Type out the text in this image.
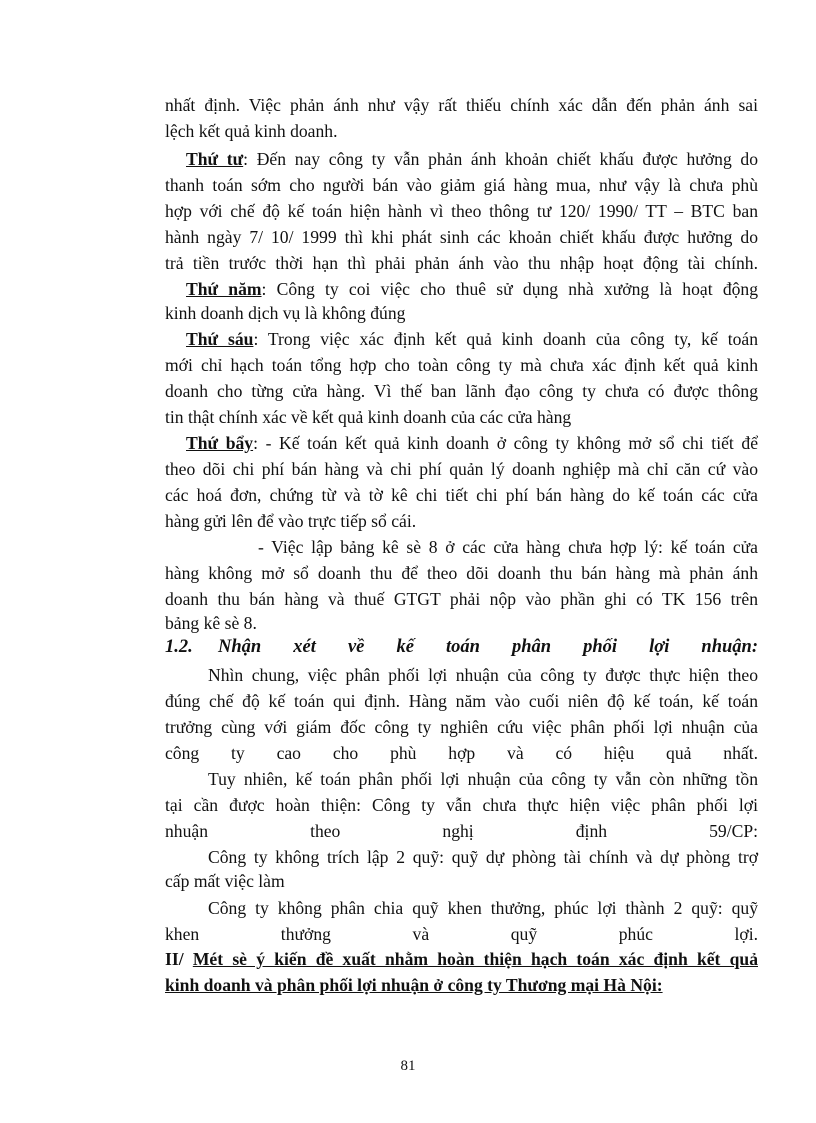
nhất định. Việc phản ánh như vậy rất thiếu chính xác dẫn đến phản ánh sai
lệch kết quả kinh doanh.
Thứ tư: Đến nay công ty vẫn phản ánh khoản chiết khấu được hưởng do
thanh toán sớm cho người bán vào giảm giá hàng mua, như vậy là chưa phù
hợp với chế độ kế toán hiện hành vì theo thông tư 120/ 1990/ TT – BTC ban
hành ngày 7/ 10/ 1999 thì khi phát sinh các khoản chiết khấu được hưởng do
trả tiền trước thời hạn thì phải phản ánh vào thu nhập hoạt động tài chính.
Thứ năm: Công ty coi việc cho thuê sử dụng nhà xưởng là hoạt động
kinh doanh dịch vụ là không đúng
Thứ sáu: Trong việc xác định kết quả kinh doanh của công ty, kế toán
mới chỉ hạch toán tổng hợp cho toàn công ty mà chưa xác định kết quả kinh
doanh cho từng cửa hàng. Vì thế ban lãnh đạo công ty chưa có được thông
tin thật chính xác về kết quả kinh doanh của các cửa hàng
Thứ bẩy: - Kế toán kết quả kinh doanh ở công ty không mở sổ chi tiết để
theo dõi chi phí bán hàng và chi phí quản lý doanh nghiệp mà chỉ căn cứ vào
các hoá đơn, chứng từ và tờ kê chi tiết chi phí bán hàng do kế toán các cửa
hàng gửi lên để vào trực tiếp sổ cái.
- Việc lập bảng kê sè 8 ở các cửa hàng chưa hợp lý: kế toán cửa
hàng không mở sổ doanh thu để theo dõi doanh thu bán hàng mà phản ánh
doanh thu bán hàng và thuế GTGT phải nộp vào phần ghi có TK 156 trên
bảng kê sè 8.
1.2. Nhận xét về kế toán phân phối lợi nhuận:
Nhìn chung, việc phân phối lợi nhuận của công ty được thực hiện theo
đúng chế độ kế toán qui định. Hàng năm vào cuối niên độ kế toán, kế toán
trưởng cùng với giám đốc công ty nghiên cứu việc phân phối lợi nhuận của
công ty cao cho phù hợp và có hiệu quả nhất.
Tuy nhiên, kế toán phân phối lợi nhuận của công ty vẫn còn những tồn
tại cần được hoàn thiện: Công ty vẫn chưa thực hiện việc phân phối lợi
nhuận theo nghị định 59/CP:
Công ty không trích lập 2 quỹ: quỹ dự phòng tài chính và dự phòng trợ
cấp mất việc làm
Công ty không phân chia quỹ khen thưởng, phúc lợi thành 2 quỹ: quỹ
khen thưởng và quỹ phúc lợi.
II/ Mét sè ý kiến đề xuất nhằm hoàn thiện hạch toán xác định kết quả
kinh doanh và phân phối lợi nhuận ở công ty Thương mại Hà Nội:
81
